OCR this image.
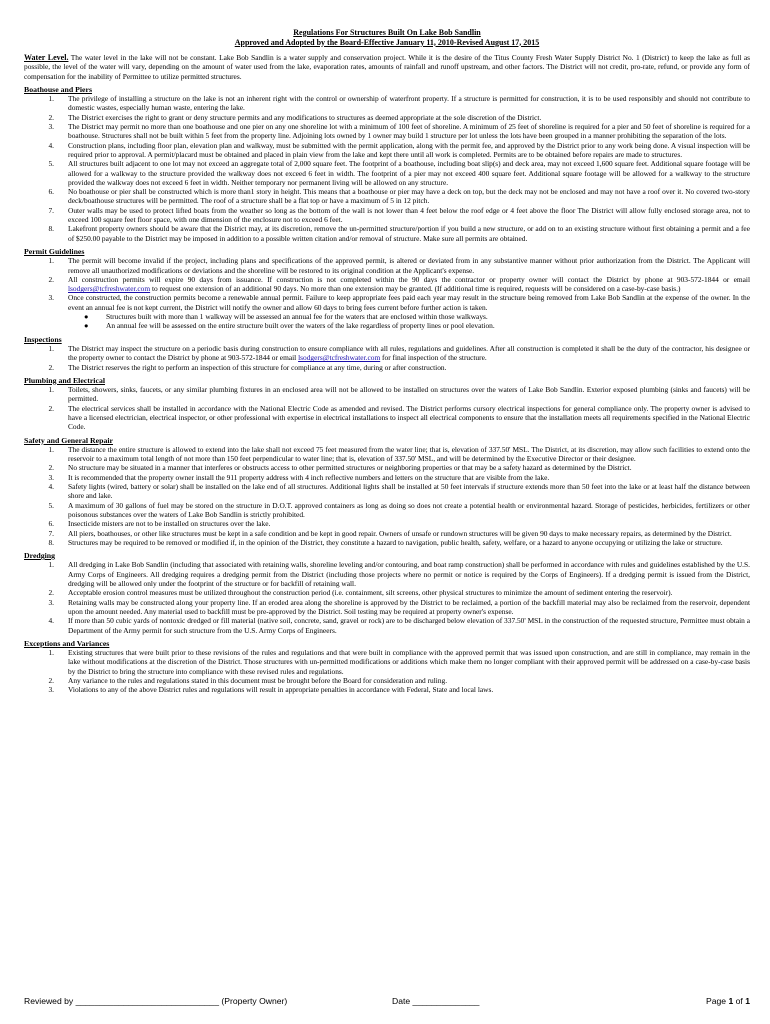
Regulations For Structures Built On Lake Bob Sandlin
Approved and Adopted by the Board-Effective January 11, 2010-Revised August 17, 2015
Water Level. The water level in the lake will not be constant. Lake Bob Sandlin is a water supply and conservation project. While it is the desire of the Titus County Fresh Water Supply District No. 1 (District) to keep the lake as full as possible, the level of the water will vary, depending on the amount of water used from the lake, evaporation rates, amounts of rainfall and runoff upstream, and other factors. The District will not credit, pro-rate, refund, or provide any form of compensation for the inability of Permittee to utilize permitted structures.
Boathouse and Piers
1.	The privilege of installing a structure on the lake is not an inherent right with the control or ownership of waterfront property. If a structure is permitted for construction, it is to be used responsibly and should not contribute to domestic wastes, especially human waste, entering the lake.
2.	The District exercises the right to grant or deny structure permits and any modifications to structures as deemed appropriate at the sole discretion of the District.
3.	The District may permit no more than one boathouse and one pier on any one shoreline lot with a minimum of 100 feet of shoreline. A minimum of 25 feet of shoreline is required for a pier and 50 feet of shoreline is required for a boathouse. Structures shall not be built within 5 feet from the property line. Adjoining lots owned by 1 owner may build 1 structure per lot unless the lots have been grouped in a manner prohibiting the separation of the lots.
4.	Construction plans, including floor plan, elevation plan and walkway, must be submitted with the permit application, along with the permit fee, and approved by the District prior to any work being done. A visual inspection will be required prior to approval. A permit/placard must be obtained and placed in plain view from the lake and kept there until all work is completed. Permits are to be obtained before repairs are made to structures.
5.	All structures built adjacent to one lot may not exceed an aggregate total of 2,000 square feet. The footprint of a boathouse, including boat slip(s) and deck area, may not exceed 1,600 square feet. Additional square footage will be allowed for a walkway to the structure provided the walkway does not exceed 6 feet in width. The footprint of a pier may not exceed 400 square feet. Additional square footage will be allowed for a walkway to the structure provided the walkway does not exceed 6 feet in width. Neither temporary nor permanent living will be allowed on any structure.
6.	No boathouse or pier shall be constructed which is more than1 story in height. This means that a boathouse or pier may have a deck on top, but the deck may not be enclosed and may not have a roof over it. No covered two-story deck/boathouse structures will be permitted. The roof of a structure shall be a flat top or have a maximum of 5 in 12 pitch.
7.	Outer walls may be used to protect lifted boats from the weather so long as the bottom of the wall is not lower than 4 feet below the roof edge or 4 feet above the floor The District will allow fully enclosed storage area, not to exceed 100 square feet floor space, with one dimension of the enclosure not to exceed 6 feet.
8.	Lakefront property owners should be aware that the District may, at its discretion, remove the un-permitted structure/portion if you build a new structure, or add on to an existing structure without first obtaining a permit and a fee of $250.00 payable to the District may be imposed in addition to a possible written citation and/or removal of structure. Make sure all permits are obtained.
Permit Guidelines
1.	The permit will become invalid if the project, including plans and specifications of the approved permit, is altered or deviated from in any substantive manner without prior authorization from the District. The Applicant will remove all unauthorized modifications or deviations and the shoreline will be restored to its original condition at the Applicant's expense.
2.	All construction permits will expire 90 days from issuance. If construction is not completed within the 90 days the contractor or property owner will contact the District by phone at 903-572-1844 or email lsodgers@tcfreshwater.com to request one extension of an additional 90 days. No more than one extension may be granted. (If additional time is required, requests will be considered on a case-by-case basis.)
3.	Once constructed, the construction permits become a renewable annual permit. Failure to keep appropriate fees paid each year may result in the structure being removed from Lake Bob Sandlin at the expense of the owner. In the event an annual fee is not kept current, the District will notify the owner and allow 60 days to bring fees current before further action is taken.
●	Structures built with more than 1 walkway will be assessed an annual fee for the waters that are enclosed within those walkways.
●	An annual fee will be assessed on the entire structure built over the waters of the lake regardless of property lines or pool elevation.
Inspections
1.	The District may inspect the structure on a periodic basis during construction to ensure compliance with all rules, regulations and guidelines. After all construction is completed it shall be the duty of the contractor, his designee or the property owner to contact the District by phone at 903-572-1844 or email lsodgers@tcfreshwater.com for final inspection of the structure.
2.	The District reserves the right to perform an inspection of this structure for compliance at any time, during or after construction.
Plumbing and Electrical
1.	Toilets, showers, sinks, faucets, or any similar plumbing fixtures in an enclosed area will not be allowed to be installed on structures over the waters of Lake Bob Sandlin. Exterior exposed plumbing (sinks and faucets) will be permitted.
2.	The electrical services shall be installed in accordance with the National Electric Code as amended and revised. The District performs cursory electrical inspections for general compliance only. The property owner is advised to have a licensed electrician, electrical inspector, or other professional with expertise in electrical installations to inspect all electrical components to ensure that the installation meets all requirements specified in the National Electric Code.
Safety and General Repair
1.	The distance the entire structure is allowed to extend into the lake shall not exceed 75 feet measured from the water line; that is, elevation of 337.50' MSL. The District, at its discretion, may allow such facilities to extend onto the reservoir to a maximum total length of not more than 150 feet perpendicular to water line; that is, elevation of 337.50' MSL, and will be determined by the Executive Director or their designee.
2.	No structure may be situated in a manner that interferes or obstructs access to other permitted structures or neighboring properties or that may be a safety hazard as determined by the District.
3.	It is recommended that the property owner install the 911 property address with 4 inch reflective numbers and letters on the structure that are visible from the lake.
4.	Safety lights (wired, battery or solar) shall be installed on the lake end of all structures. Additional lights shall be installed at 50 feet intervals if structure extends more than 50 feet into the lake or at least half the distance between shore and lake.
5.	A maximum of 30 gallons of fuel may be stored on the structure in D.O.T. approved containers as long as doing so does not create a potential health or environmental hazard. Storage of pesticides, herbicides, fertilizers or other poisonous substances over the waters of Lake Bob Sandlin is strictly prohibited.
6.	Insecticide misters are not to be installed on structures over the lake.
7.	All piers, boathouses, or other like structures must be kept in a safe condition and be kept in good repair. Owners of unsafe or rundown structures will be given 90 days to make necessary repairs, as determined by the District.
8.	Structures may be required to be removed or modified if, in the opinion of the District, they constitute a hazard to navigation, public health, safety, welfare, or a hazard to anyone occupying or utilizing the lake or structure.
Dredging
1.	All dredging in Lake Bob Sandlin (including that associated with retaining walls, shoreline leveling and/or contouring, and boat ramp construction) shall be performed in accordance with rules and guidelines established by the U.S. Army Corps of Engineers. All dredging requires a dredging permit from the District (including those projects where no permit or notice is required by the Corps of Engineers). If a dredging permit is issued from the District, dredging will be allowed only under the footprint of the structure or for backfill of retaining wall.
2.	Acceptable erosion control measures must be utilized throughout the construction period (i.e. containment, silt screens, other physical structures to minimize the amount of sediment entering the reservoir).
3.	Retaining walls may be constructed along your property line. If an eroded area along the shoreline is approved by the District to be reclaimed, a portion of the backfill material may also be reclaimed from the reservoir, dependent upon the amount needed. Any material used to backfill must be pre-approved by the District. Soil testing may be required at property owner's expense.
4.	If more than 50 cubic yards of nontoxic dredged or fill material (native soil, concrete, sand, gravel or rock) are to be discharged below elevation of 337.50' MSL in the construction of the requested structure, Permittee must obtain a Department of the Army permit for such structure from the U.S. Army Corps of Engineers.
Exceptions and Variances
1.	Existing structures that were built prior to these revisions of the rules and regulations and that were built in compliance with the approved permit that was issued upon construction, and are still in compliance, may remain in the lake without modifications at the discretion of the District. Those structures with un-permitted modifications or additions which make them no longer compliant with their approved permit will be addressed on a case-by-case basis by the District to bring the structure into compliance with these revised rules and regulations.
2.	Any variance to the rules and regulations stated in this document must be brought before the Board for consideration and ruling.
3.	Violations to any of the above District rules and regulations will result in appropriate penalties in accordance with Federal, State and local laws.
Reviewed by ______________________________ (Property Owner)	Date ______________	Page 1 of 1
